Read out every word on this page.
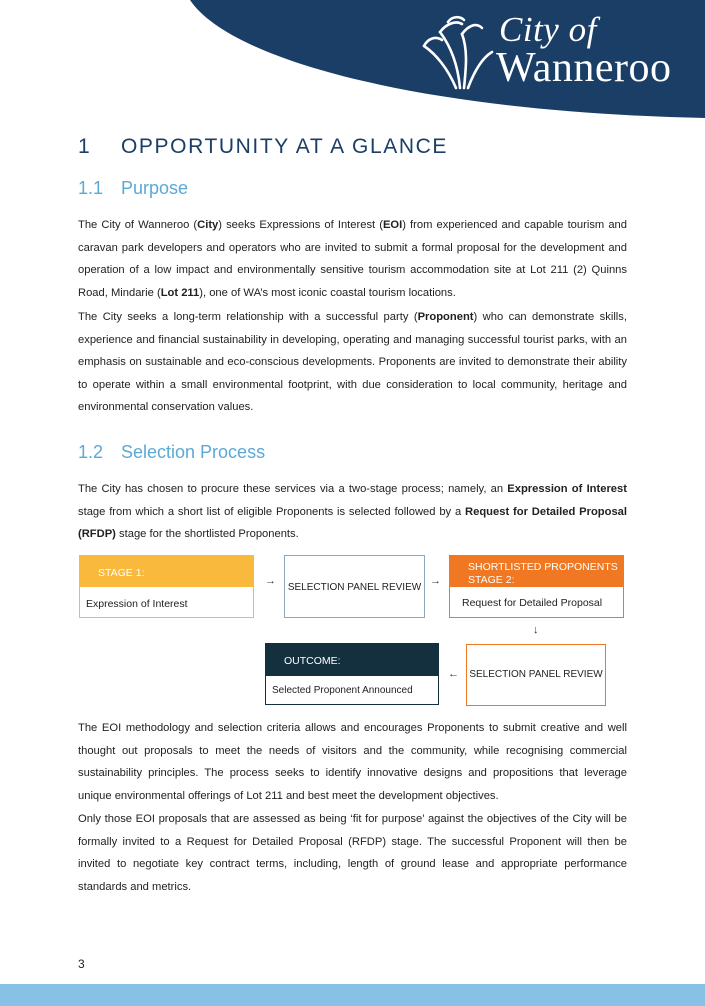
City of
Wanneroo
1 OPPORTUNITY AT A GLANCE
1.1 Purpose

The City of Wanneroo (City) seeks Expressions of Interest (EOI) from experienced and capable tourism and caravan park developers and operators who are invited to submit a formal proposal for the development and operation of a low impact and environmentally sensitive tourism accommodation site at Lot 211 (2) Quinns Road, Mindarie (Lot 211), one of WA’s most iconic coastal tourism locations.

The City seeks a long-term relationship with a successful party (Proponent) who can demonstrate skills, experience and financial sustainability in developing, operating and managing successful tourist parks, with an emphasis on sustainable and eco-conscious developments. Proponents are invited to demonstrate their ability to operate within a small environmental footprint, with due consideration to local community, heritage and environmental conservation values.

1.2 Selection Process

The City has chosen to procure these services via a two-stage process; namely, an Expression of Interest stage from which a short list of eligible Proponents is selected followed by a Request for Detailed Proposal (RFDP) stage for the shortlisted Proponents.

STAGE 1:
Expression of Interest
→
SELECTION PANEL REVIEW
→
SHORTLISTED PROPONENTS
STAGE 2:
Request for Detailed Proposal
↓
SELECTION PANEL REVIEW
←
OUTCOME:
Selected Proponent Announced

The EOI methodology and selection criteria allows and encourages Proponents to submit creative and well thought out proposals to meet the needs of visitors and the community, while recognising commercial sustainability principles. The process seeks to identify innovative designs and propositions that leverage unique environmental offerings of Lot 211 and best meet the development objectives.

Only those EOI proposals that are assessed as being ‘fit for purpose’ against the objectives of the City will be formally invited to a Request for Detailed Proposal (RFDP) stage. The successful Proponent will then be invited to negotiate key contract terms, including, length of ground lease and appropriate performance standards and metrics.

3
